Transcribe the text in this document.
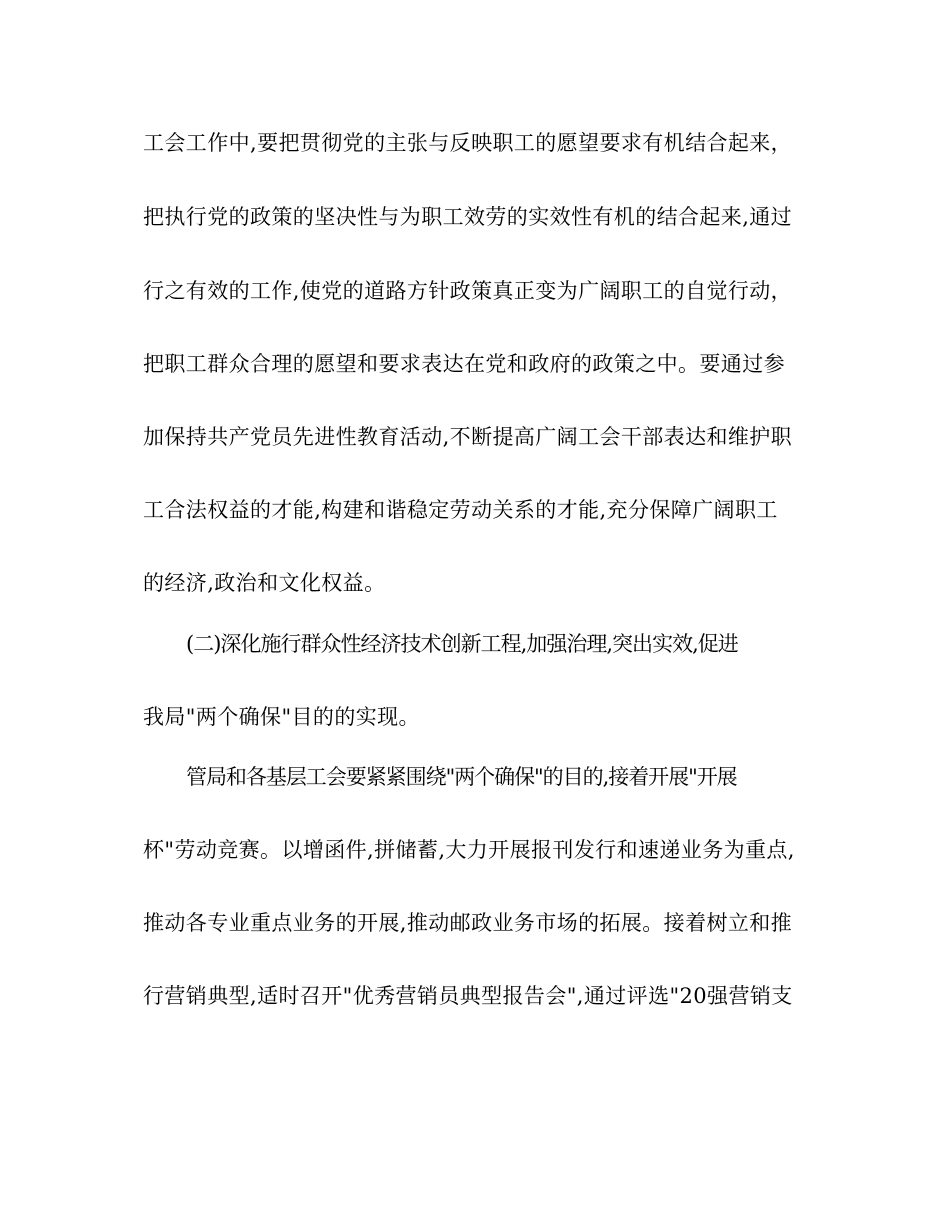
工会工作中,要把贯彻党的主张与反映职工的愿望要求有机结合起来，
把执行党的政策的坚决性与为职工效劳的实效性有机的结合起来,通过
行之有效的工作,使党的道路方针政策真正变为广阔职工的自觉行动，
把职工群众合理的愿望和要求表达在党和政府的政策之中。要通过参
加保持共产党员先进性教育活动,不断提高广阔工会干部表达和维护职
工合法权益的才能,构建和谐稳定劳动关系的才能,充分保障广阔职工
的经济,政治和文化权益。
(二)深化施行群众性经济技术创新工程,加强治理,突出实效,促进
我局"两个确保"目的的实现。
管局和各基层工会要紧紧围绕"两个确保"的目的,接着开展"开展
杯"劳动竞赛。以增函件,拼储蓄,大力开展报刊发行和速递业务为重点,
推动各专业重点业务的开展,推动邮政业务市场的拓展。接着树立和推
行营销典型,适时召开"优秀营销员典型报告会",通过评选"20强营销支
